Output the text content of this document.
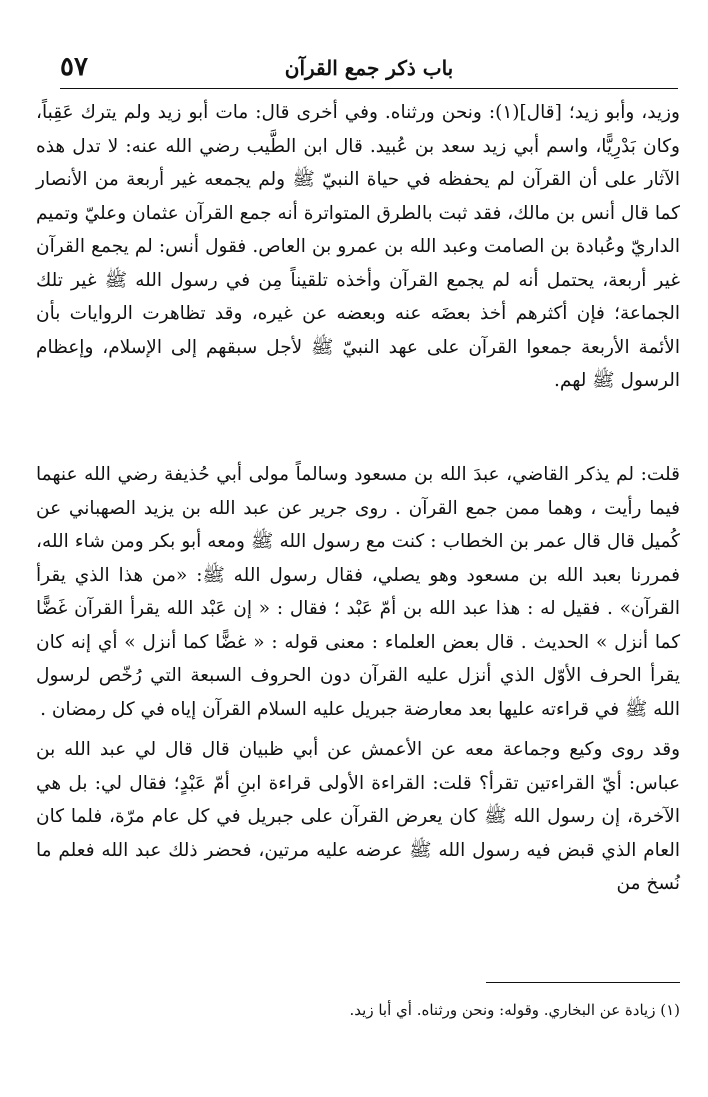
باب ذكر جمع القرآن
٥٧

وزيد، وأبو زيد؛ [قال](١): ونحن ورثناه. وفي أخرى قال: مات أبو زيد ولم يترك عَقِباً، وكان بَدْرِيًّا، واسم أبي زيد سعد بن عُبيد. قال ابن الطَّيب رضي الله عنه: لا تدل هذه الآثار على أن القرآن لم يحفظه في حياة النبيّ ﷺ ولم يجمعه غير أربعة من الأنصار كما قال أنس بن مالك، فقد ثبت بالطرق المتواترة أنه جمع القرآن عثمان وعليّ وتميم الداريّ وعُبادة بن الصامت وعبد الله بن عمرو بن العاص. فقول أنس: لم يجمع القرآن غير أربعة، يحتمل أنه لم يجمع القرآن وأخذه تلقيناً مِن في رسول الله ﷺ غير تلك الجماعة؛ فإن أكثرهم أخذ بعضَه عنه وبعضه عن غيره، وقد تظاهرت الروايات بأن الأئمة الأربعة جمعوا القرآن على عهد النبيّ ﷺ لأجل سبقهم إلى الإسلام، وإعظام الرسول ﷺ لهم.

قلت: لم يذكر القاضي، عبدَ الله بن مسعود وسالماً مولى أبي حُذيفة رضي الله عنهما فيما رأيت ، وهما ممن جمع القرآن . روى جرير عن عبد الله بن يزيد الصهباني عن كُميل قال قال عمر بن الخطاب : كنت مع رسول الله ﷺ ومعه أبو بكر ومن شاء الله، فمررنا بعبد الله بن مسعود وهو يصلي، فقال رسول الله ﷺ: «من هذا الذي يقرأ القرآن» . فقيل له : هذا عبد الله بن أمّ عَبْد ؛ فقال : « إن عَبْد الله يقرأ القرآن غَضًّا كما أنزل » الحديث . قال بعض العلماء : معنى قوله : « غضًّا كما أنزل » أي إنه كان يقرأ الحرف الأوّل الذي أنزل عليه القرآن دون الحروف السبعة التي رُخّص لرسول الله ﷺ في قراءته عليها بعد معارضة جبريل عليه السلام القرآن إياه في كل رمضان .

وقد روى وكيع وجماعة معه عن الأعمش عن أبي ظبيان قال قال لي عبد الله بن عباس: أيّ القراءتين تقرأ؟ قلت: القراءة الأولى قراءة ابنِ أمّ عَبْدٍ؛ فقال لي: بل هي الآخرة، إن رسول الله ﷺ كان يعرض القرآن على جبريل في كل عام مرّة، فلما كان العام الذي قبض فيه رسول الله ﷺ عرضه عليه مرتين، فحضر ذلك عبد الله فعلم ما نُسخ من

(١) زيادة عن البخاري. وقوله: ونحن ورثناه. أي أبا زيد.
